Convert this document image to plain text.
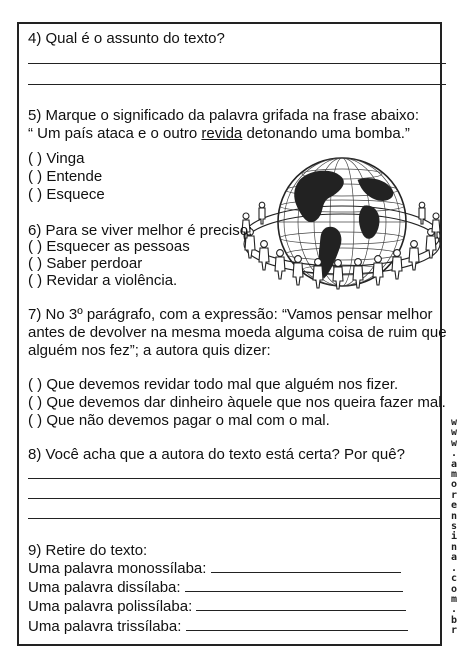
4) Qual é o assunto do texto?
5) Marque o significado da palavra grifada na frase abaixo:
“ Um país ataca e o outro revida detonando uma bomba.”
( ) Vinga
( ) Entende
( ) Esquece
6) Para se viver melhor é preciso:
( ) Esquecer as pessoas
( ) Saber perdoar
( ) Revidar a violência.
7) No 3º parágrafo, com a expressão: “Vamos pensar melhor
antes de devolver na mesma moeda alguma coisa de ruim que
alguém nos fez”; a autora quis dizer:
( ) Que devemos revidar todo mal que alguém nos fizer.
( ) Que devemos dar dinheiro àquele que nos queira fazer mal.
( ) Que não devemos pagar o mal com o mal.
8) Você acha que a autora do texto está certa? Por quê?
9) Retire do texto:
Uma palavra monossílaba:
Uma palavra dissílaba:
Uma palavra polissílaba:
Uma palavra trissílaba:
w
w
w
.
a
m
o
r
e
n
s
i
n
a
.
c
o
m
.
b
r
